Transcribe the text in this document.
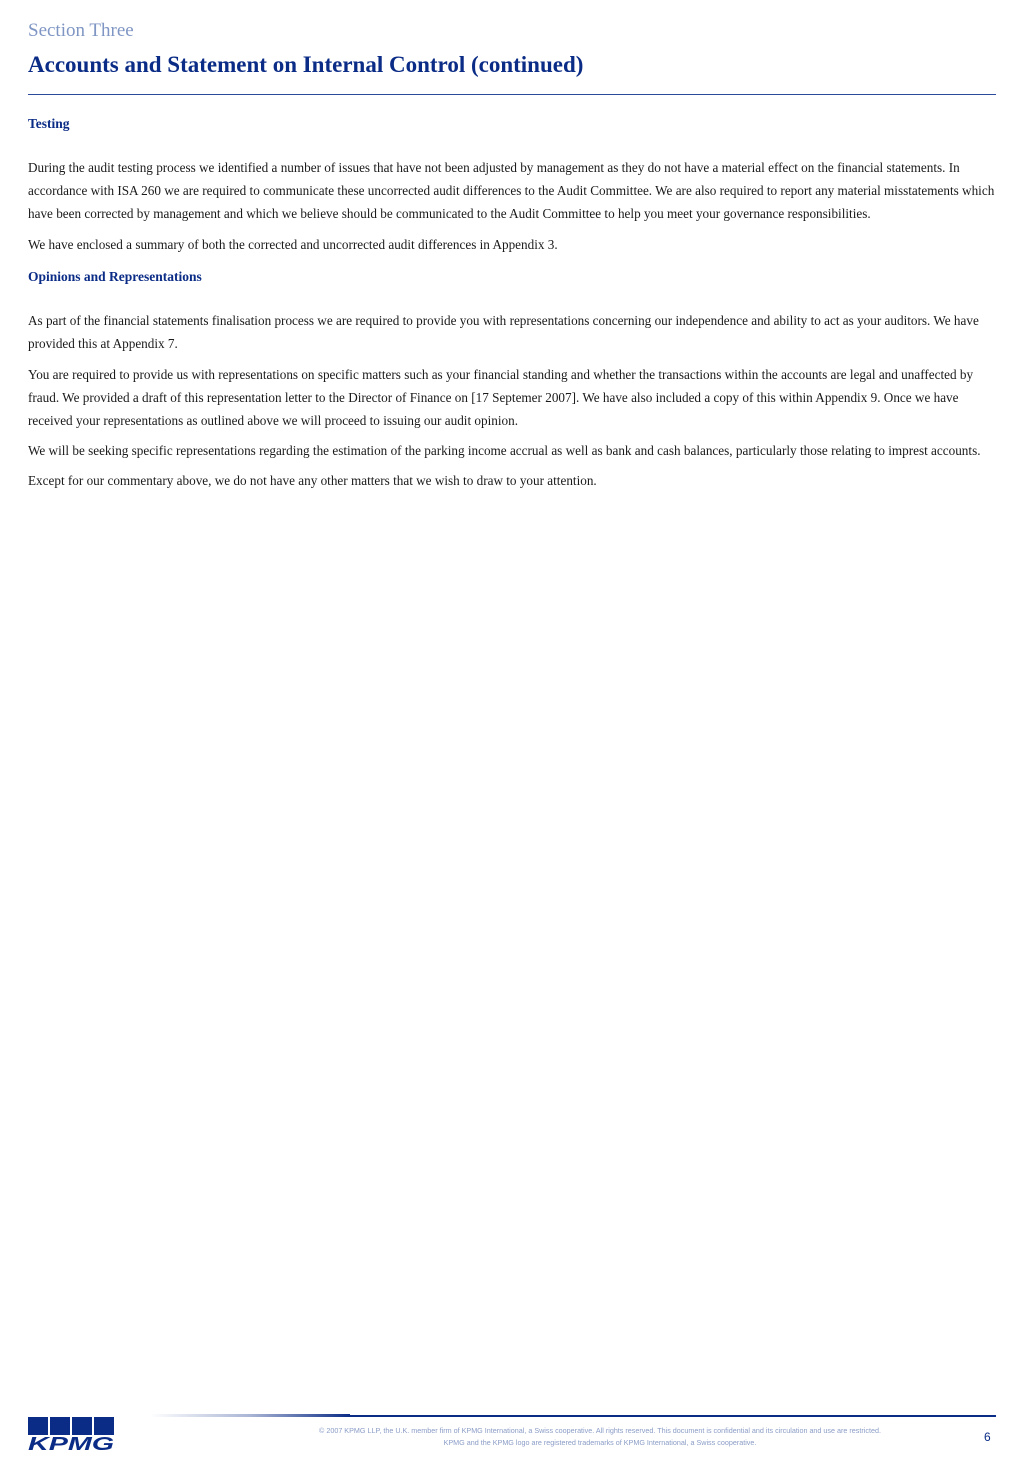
Section Three
Accounts and Statement on Internal Control (continued)
Testing

During the audit testing process we identified a number of issues that have not been adjusted by management as they do not have a material effect on the financial statements. In accordance with ISA 260 we are required to communicate these uncorrected audit differences to the Audit Committee. We are also required to report any material misstatements which have been corrected by management and which we believe should be communicated to the Audit Committee to help you meet your governance responsibilities.

We have enclosed a summary of both the corrected and uncorrected audit differences in Appendix 3.

Opinions and Representations

As part of the financial statements finalisation process we are required to provide you with representations concerning our independence and ability to act as your auditors. We have provided this at Appendix 7.

You are required to provide us with representations on specific matters such as your financial standing and whether the transactions within the accounts are legal and unaffected by fraud. We provided a draft of this representation letter to the Director of Finance on [17 Septemer 2007]. We have also included a copy of this within Appendix 9. Once we have received your representations as outlined above we will proceed to issuing our audit opinion.

We will be seeking specific representations regarding the estimation of the parking income accrual as well as bank and cash balances, particularly those relating to imprest accounts.

Except for our commentary above, we do not have any other matters that we wish to draw to your attention.

KPMG
© 2007 KPMG LLP, the U.K. member firm of KPMG International, a Swiss cooperative. All rights reserved. This document is confidential and its circulation and use are restricted.
KPMG and the KPMG logo are registered trademarks of KPMG International, a Swiss cooperative.	6
